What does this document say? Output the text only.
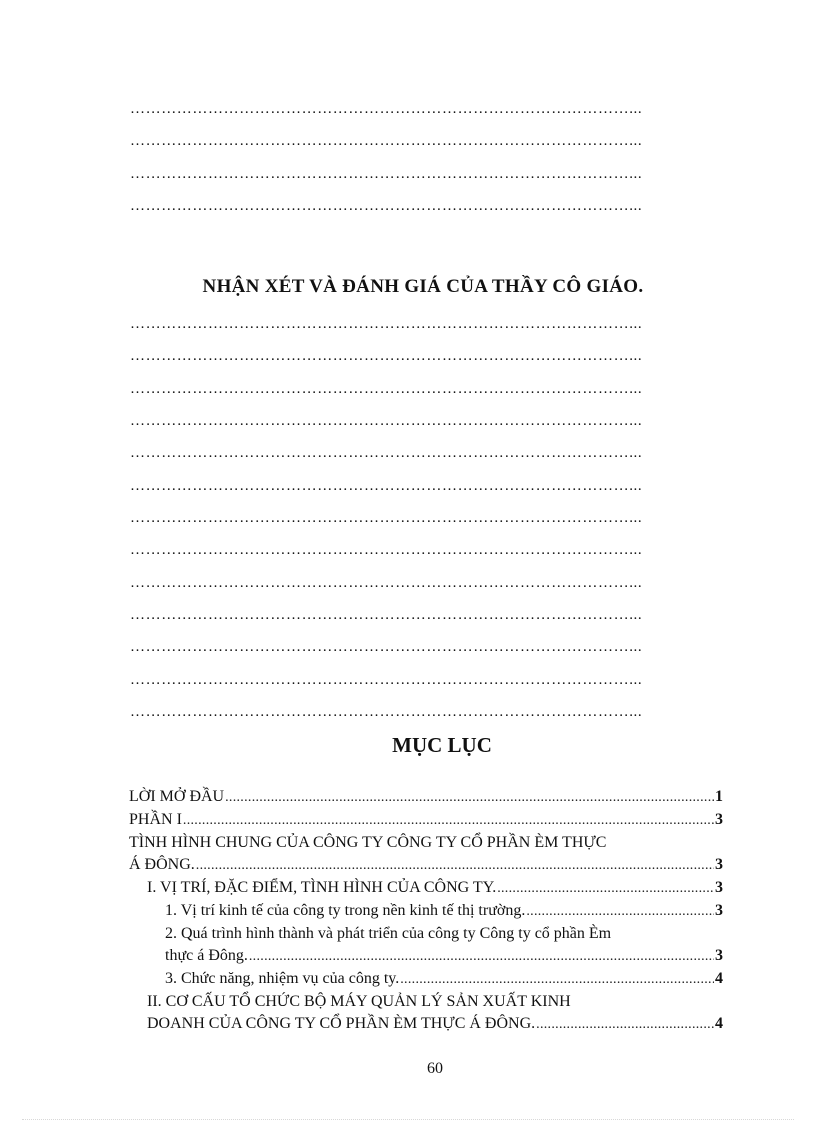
……………………………………………………………………………………...
……………………………………………………………………………………...
……………………………………………………………………………………...
……………………………………………………………………………………...
NHẬN XÉT VÀ ĐÁNH GIÁ CỦA THẦY CÔ GIÁO.
……………………………………………………………………………………...
……………………………………………………………………………………...
……………………………………………………………………………………...
……………………………………………………………………………………...
……………………………………………………………………………………...
……………………………………………………………………………………...
……………………………………………………………………………………...
……………………………………………………………………………………...
……………………………………………………………………………………...
……………………………………………………………………………………...
……………………………………………………………………………………...
……………………………………………………………………………………...
……………………………………………………………………………………...
MỤC LỤC
LỜI MỞ ĐẦU .....	1
PHẦN I .....	3
TÌNH HÌNH CHUNG CỦA CÔNG TY CÔNG TY CỔ PHẦN ÈM THỰC
Á ĐÔNG. .....	3
I. VỊ TRÍ, ĐẶC ĐIỂM, TÌNH HÌNH CỦA CÔNG TY. .....	3
1. Vị trí kinh tế của công ty trong nền kinh tế thị trường. .....	3
2. Quá trình hình thành và phát triển của công ty Công ty cổ phần Èm
thực á Đông. .....	3
3. Chức năng, nhiệm vụ của công ty. .....	4
II. CƠ CẤU TỔ CHỨC BỘ MÁY QUẢN LÝ SẢN XUẤT KINH
DOANH CỦA CÔNG TY CỔ PHẦN ÈM THỰC Á ĐÔNG. .....	4
60
